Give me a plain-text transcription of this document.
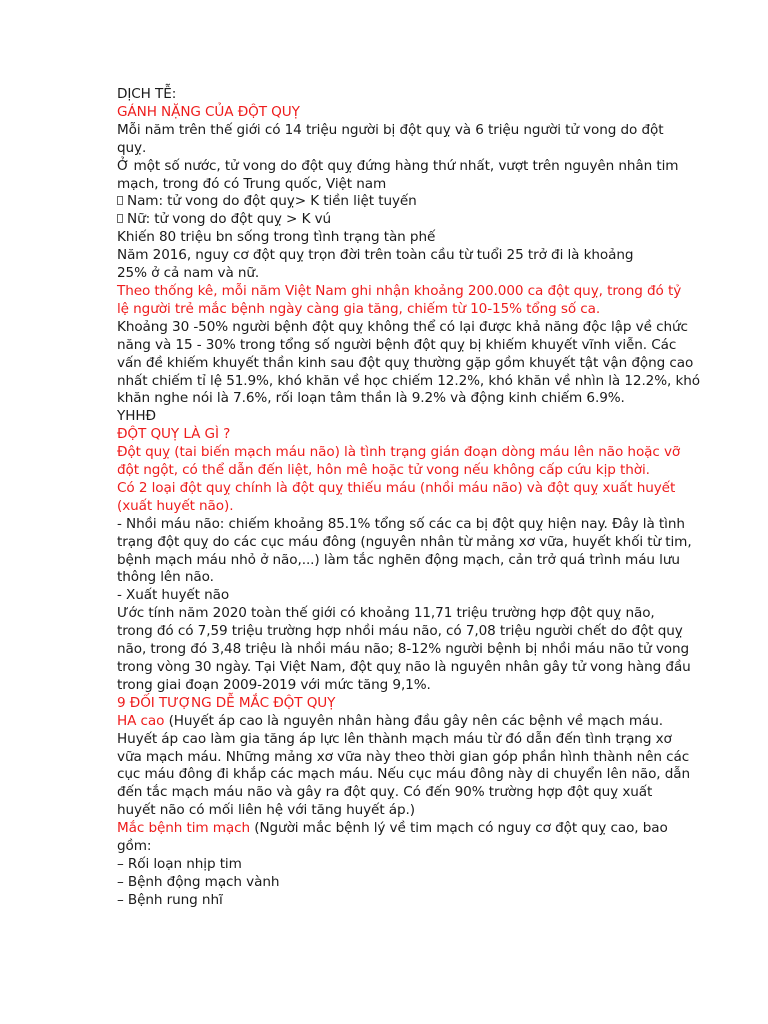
DỊCH TỄ:
GÁNH NẶNG CỦA ĐỘT QUỴ
Mỗi năm trên thế giới có 14 triệu người bị đột quỵ và 6 triệu người tử vong do đột
quỵ.
Ở một số nước, tử vong do đột quỵ đứng hàng thứ nhất, vượt trên nguyên nhân tim
mạch, trong đó có Trung quốc, Việt nam
Nam: tử vong do đột quỵ> K tiền liệt tuyến
Nữ: tử vong do đột quỵ > K vú
Khiến 80 triệu bn sống trong tình trạng tàn phế
Năm 2016, nguy cơ đột quỵ trọn đời trên toàn cầu từ tuổi 25 trở đi là khoảng
25% ở cả nam và nữ.
Theo thống kê, mỗi năm Việt Nam ghi nhận khoảng 200.000 ca đột quỵ, trong đó tỷ
lệ người trẻ mắc bệnh ngày càng gia tăng, chiếm từ 10-15% tổng số ca.
Khoảng 30 -50% người bệnh đột quỵ không thể có lại được khả năng độc lập về chức
năng và 15 - 30% trong tổng số người bệnh đột quỵ bị khiếm khuyết vĩnh viễn. Các
vấn đề khiếm khuyết thần kinh sau đột quỵ thường gặp gồm khuyết tật vận động cao
nhất chiếm tỉ lệ 51.9%, khó khăn về học chiếm 12.2%, khó khăn về nhìn là 12.2%, khó
khăn nghe nói là 7.6%, rối loạn tâm thần là 9.2% và động kinh chiếm 6.9%.
YHHĐ
ĐỘT QUỴ LÀ GÌ ?
Đột quỵ (tai biến mạch máu não) là tình trạng gián đoạn dòng máu lên não hoặc vỡ
đột ngột, có thể dẫn đến liệt, hôn mê hoặc tử vong nếu không cấp cứu kịp thời.
Có 2 loại đột quỵ chính là đột quỵ thiếu máu (nhồi máu não) và đột quỵ xuất huyết
(xuất huyết não).
- Nhồi máu não: chiếm khoảng 85.1% tổng số các ca bị đột quỵ hiện nay. Đây là tình
trạng đột quỵ do các cục máu đông (nguyên nhân từ mảng xơ vữa, huyết khối từ tim,
bệnh mạch máu nhỏ ở não,...) làm tắc nghẽn động mạch, cản trở quá trình máu lưu
thông lên não.
- Xuất huyết não
Ước tính năm 2020 toàn thế giới có khoảng 11,71 triệu trường hợp đột quỵ não,
trong đó có 7,59 triệu trường hợp nhồi máu não, có 7,08 triệu người chết do đột quỵ
não, trong đó 3,48 triệu là nhồi máu não; 8-12% người bệnh bị nhồi máu não tử vong
trong vòng 30 ngày. Tại Việt Nam, đột quỵ não là nguyên nhân gây tử vong hàng đầu
trong giai đoạn 2009-2019 với mức tăng 9,1%.
9 ĐỐI TƯỢNG DỄ MẮC ĐỘT QUỴ
HA cao (Huyết áp cao là nguyên nhân hàng đầu gây nên các bệnh về mạch máu.
Huyết áp cao làm gia tăng áp lực lên thành mạch máu từ đó dẫn đến tình trạng xơ
vữa mạch máu. Những mảng xơ vữa này theo thời gian góp phần hình thành nên các
cục máu đông đi khắp các mạch máu. Nếu cục máu đông này di chuyển lên não, dẫn
đến tắc mạch máu não và gây ra đột quỵ. Có đến 90% trường hợp đột quỵ xuất
huyết não có mối liên hệ với tăng huyết áp.)
Mắc bệnh tim mạch (Người mắc bệnh lý về tim mạch có nguy cơ đột quỵ cao, bao
gồm:
– Rối loạn nhịp tim
– Bệnh động mạch vành
– Bệnh rung nhĩ
